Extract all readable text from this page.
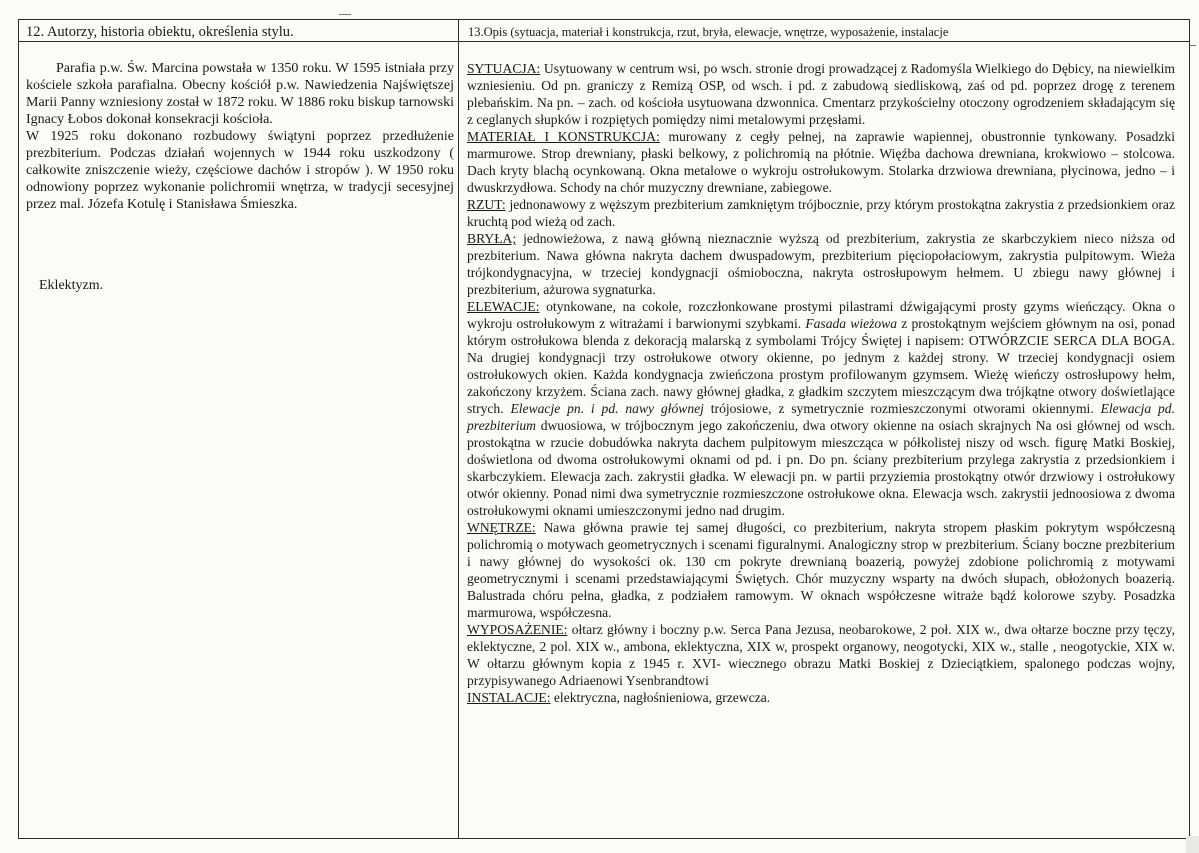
12. Autorzy, historia obiektu, określenia stylu.	13.Opis (sytuacja, materiał i konstrukcja, rzut, bryła, elewacje, wnętrze, wyposażenie, instalacje

Parafia p.w. Św. Marcina powstała w 1350 roku. W 1595 istniała przy kościele szkoła parafialna. Obecny kościół p.w. Nawiedzenia Najświętszej Marii Panny wzniesiony został w 1872 roku. W 1886 roku biskup tarnowski Ignacy Łobos dokonał konsekracji kościoła.

W 1925 roku dokonano rozbudowy świątyni poprzez przedłużenie prezbiterium. Podczas działań wojennych w 1944 roku uszkodzony ( całkowite zniszczenie wieży, częściowe dachów i stropów ). W 1950 roku odnowiony poprzez wykonanie polichromii wnętrza, w tradycji secesyjnej przez mal. Józefa Kotulę i Stanisława Śmieszka.

Eklektyzm.

SYTUACJA: Usytuowany w centrum wsi, po wsch. stronie drogi prowadzącej z Radomyśla Wielkiego do Dębicy, na niewielkim wzniesieniu. Od pn. graniczy z Remizą OSP, od wsch. i pd. z zabudową siedliskową, zaś od pd. poprzez drogę z terenem plebańskim. Na pn. – zach. od kościoła usytuowana dzwonnica. Cmentarz przykościelny otoczony ogrodzeniem składającym się z ceglanych słupków i rozpiętych pomiędzy nimi metalowymi przęsłami.

MATERIAŁ I KONSTRUKCJA: murowany z cegły pełnej, na zaprawie wapiennej, obustronnie tynkowany. Posadzki marmurowe. Strop drewniany, płaski belkowy, z polichromią na płótnie. Więźba dachowa drewniana, krokwiowo – stolcowa. Dach kryty blachą ocynkowaną. Okna metalowe o wykroju ostrołukowym. Stolarka drzwiowa drewniana, płycinowa, jedno – i dwuskrzydłowa. Schody na chór muzyczny drewniane, zabiegowe.

RZUT: jednonawowy z węższym prezbiterium zamkniętym trójbocznie, przy którym prostokątna zakrystia z przedsionkiem oraz kruchtą pod wieżą od zach.

BRYŁA; jednowieżowa, z nawą główną nieznacznie wyższą od prezbiterium, zakrystia ze skarbczykiem nieco niższa od prezbiterium. Nawa główna nakryta dachem dwuspadowym, prezbiterium pięciopołaciowym, zakrystia pulpitowym. Wieża trójkondygnacyjna, w trzeciej kondygnacji ośmioboczna, nakryta ostrosłupowym hełmem. U zbiegu nawy głównej i prezbiterium, ażurowa sygnaturka.

ELEWACJE: otynkowane, na cokole, rozczłonkowane prostymi pilastrami dźwigającymi prosty gzyms wieńczący. Okna o wykroju ostrołukowym z witrażami i barwionymi szybkami. Fasada wieżowa z prostokątnym wejściem głównym na osi, ponad którym ostrołukowa blenda z dekoracją malarską z symbolami Trójcy Świętej i napisem: OTWÓRZCIE SERCA DLA BOGA. Na drugiej kondygnacji trzy ostrołukowe otwory okienne, po jednym z każdej strony. W trzeciej kondygnacji osiem ostrołukowych okien. Każda kondygnacja zwieńczona prostym profilowanym gzymsem. Wieżę wieńczy ostrosłupowy hełm, zakończony krzyżem. Ściana zach. nawy głównej gładka, z gładkim szczytem mieszczącym dwa trójkątne otwory doświetlające strych. Elewacje pn. i pd. nawy głównej trójosiowe, z symetrycznie rozmieszczonymi otworami okiennymi. Elewacja pd. prezbiterium dwuosiowa, w trójbocznym jego zakończeniu, dwa otwory okienne na osiach skrajnych Na osi głównej od wsch. prostokątna w rzucie dobudówka nakryta dachem pulpitowym mieszcząca w półkolistej niszy od wsch. figurę Matki Boskiej, doświetlona od dwoma ostrołukowymi oknami od pd. i pn. Do pn. ściany prezbiterium przylega zakrystia z przedsionkiem i skarbczykiem. Elewacja zach. zakrystii gładka. W elewacji pn. w partii przyziemia prostokątny otwór drzwiowy i ostrołukowy otwór okienny. Ponad nimi dwa symetrycznie rozmieszczone ostrołukowe okna. Elewacja wsch. zakrystii jednoosiowa z dwoma ostrołukowymi oknami umieszczonymi jedno nad drugim.

WNĘTRZE: Nawa główna prawie tej samej długości, co prezbiterium, nakryta stropem płaskim pokrytym współczesną polichromią o motywach geometrycznych i scenami figuralnymi. Analogiczny strop w prezbiterium. Ściany boczne prezbiterium i nawy głównej do wysokości ok. 130 cm pokryte drewnianą boazerią, powyżej zdobione polichromią z motywami geometrycznymi i scenami przedstawiającymi Świętych. Chór muzyczny wsparty na dwóch słupach, obłożonych boazerią. Balustrada chóru pełna, gładka, z podziałem ramowym. W oknach współczesne witraże bądź kolorowe szyby. Posadzka marmurowa, współczesna.

WYPOSAŻENIE: ołtarz główny i boczny p.w. Serca Pana Jezusa, neobarokowe, 2 poł. XIX w., dwa ołtarze boczne przy tęczy, eklektyczne, 2 pol. XIX w., ambona, eklektyczna, XIX w, prospekt organowy, neogotycki, XIX w., stalle , neogotyckie, XIX w. W ołtarzu głównym kopia z 1945 r. XVI- wiecznego obrazu Matki Boskiej z Dzieciątkiem, spalonego podczas wojny, przypisywanego Adriaenowi Ysenbrandtowi

INSTALACJE: elektryczna, nagłośnieniowa, grzewcza.
